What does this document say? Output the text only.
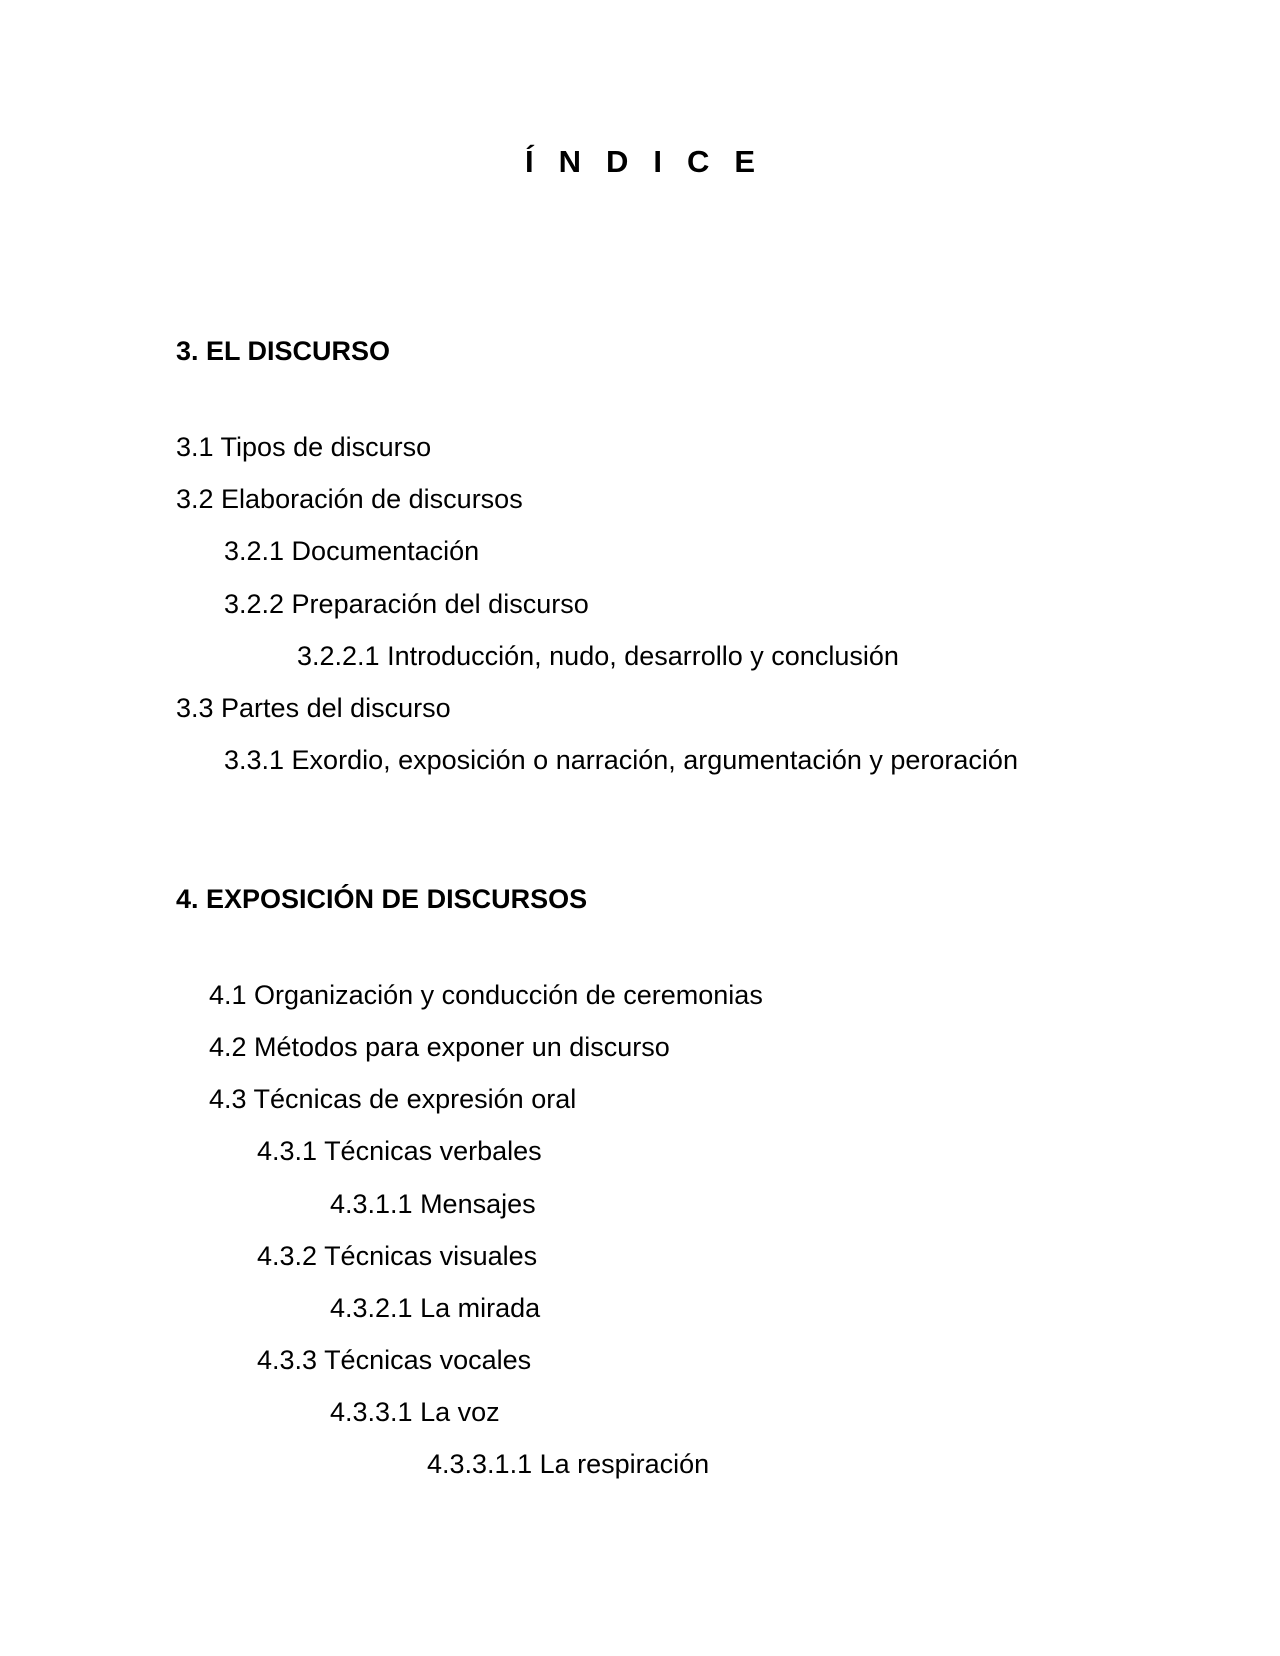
ÍNDICE
3. EL DISCURSO
3.1 Tipos de discurso
3.2 Elaboración de discursos
3.2.1 Documentación
3.2.2 Preparación del discurso
3.2.2.1 Introducción, nudo, desarrollo y conclusión
3.3 Partes del discurso
3.3.1 Exordio, exposición o narración, argumentación y peroración
4. EXPOSICIÓN DE DISCURSOS
4.1 Organización y conducción de ceremonias
4.2 Métodos para exponer un discurso
4.3 Técnicas de expresión oral
4.3.1 Técnicas verbales
4.3.1.1 Mensajes
4.3.2 Técnicas visuales
4.3.2.1 La mirada
4.3.3 Técnicas vocales
4.3.3.1 La voz
4.3.3.1.1 La respiración
